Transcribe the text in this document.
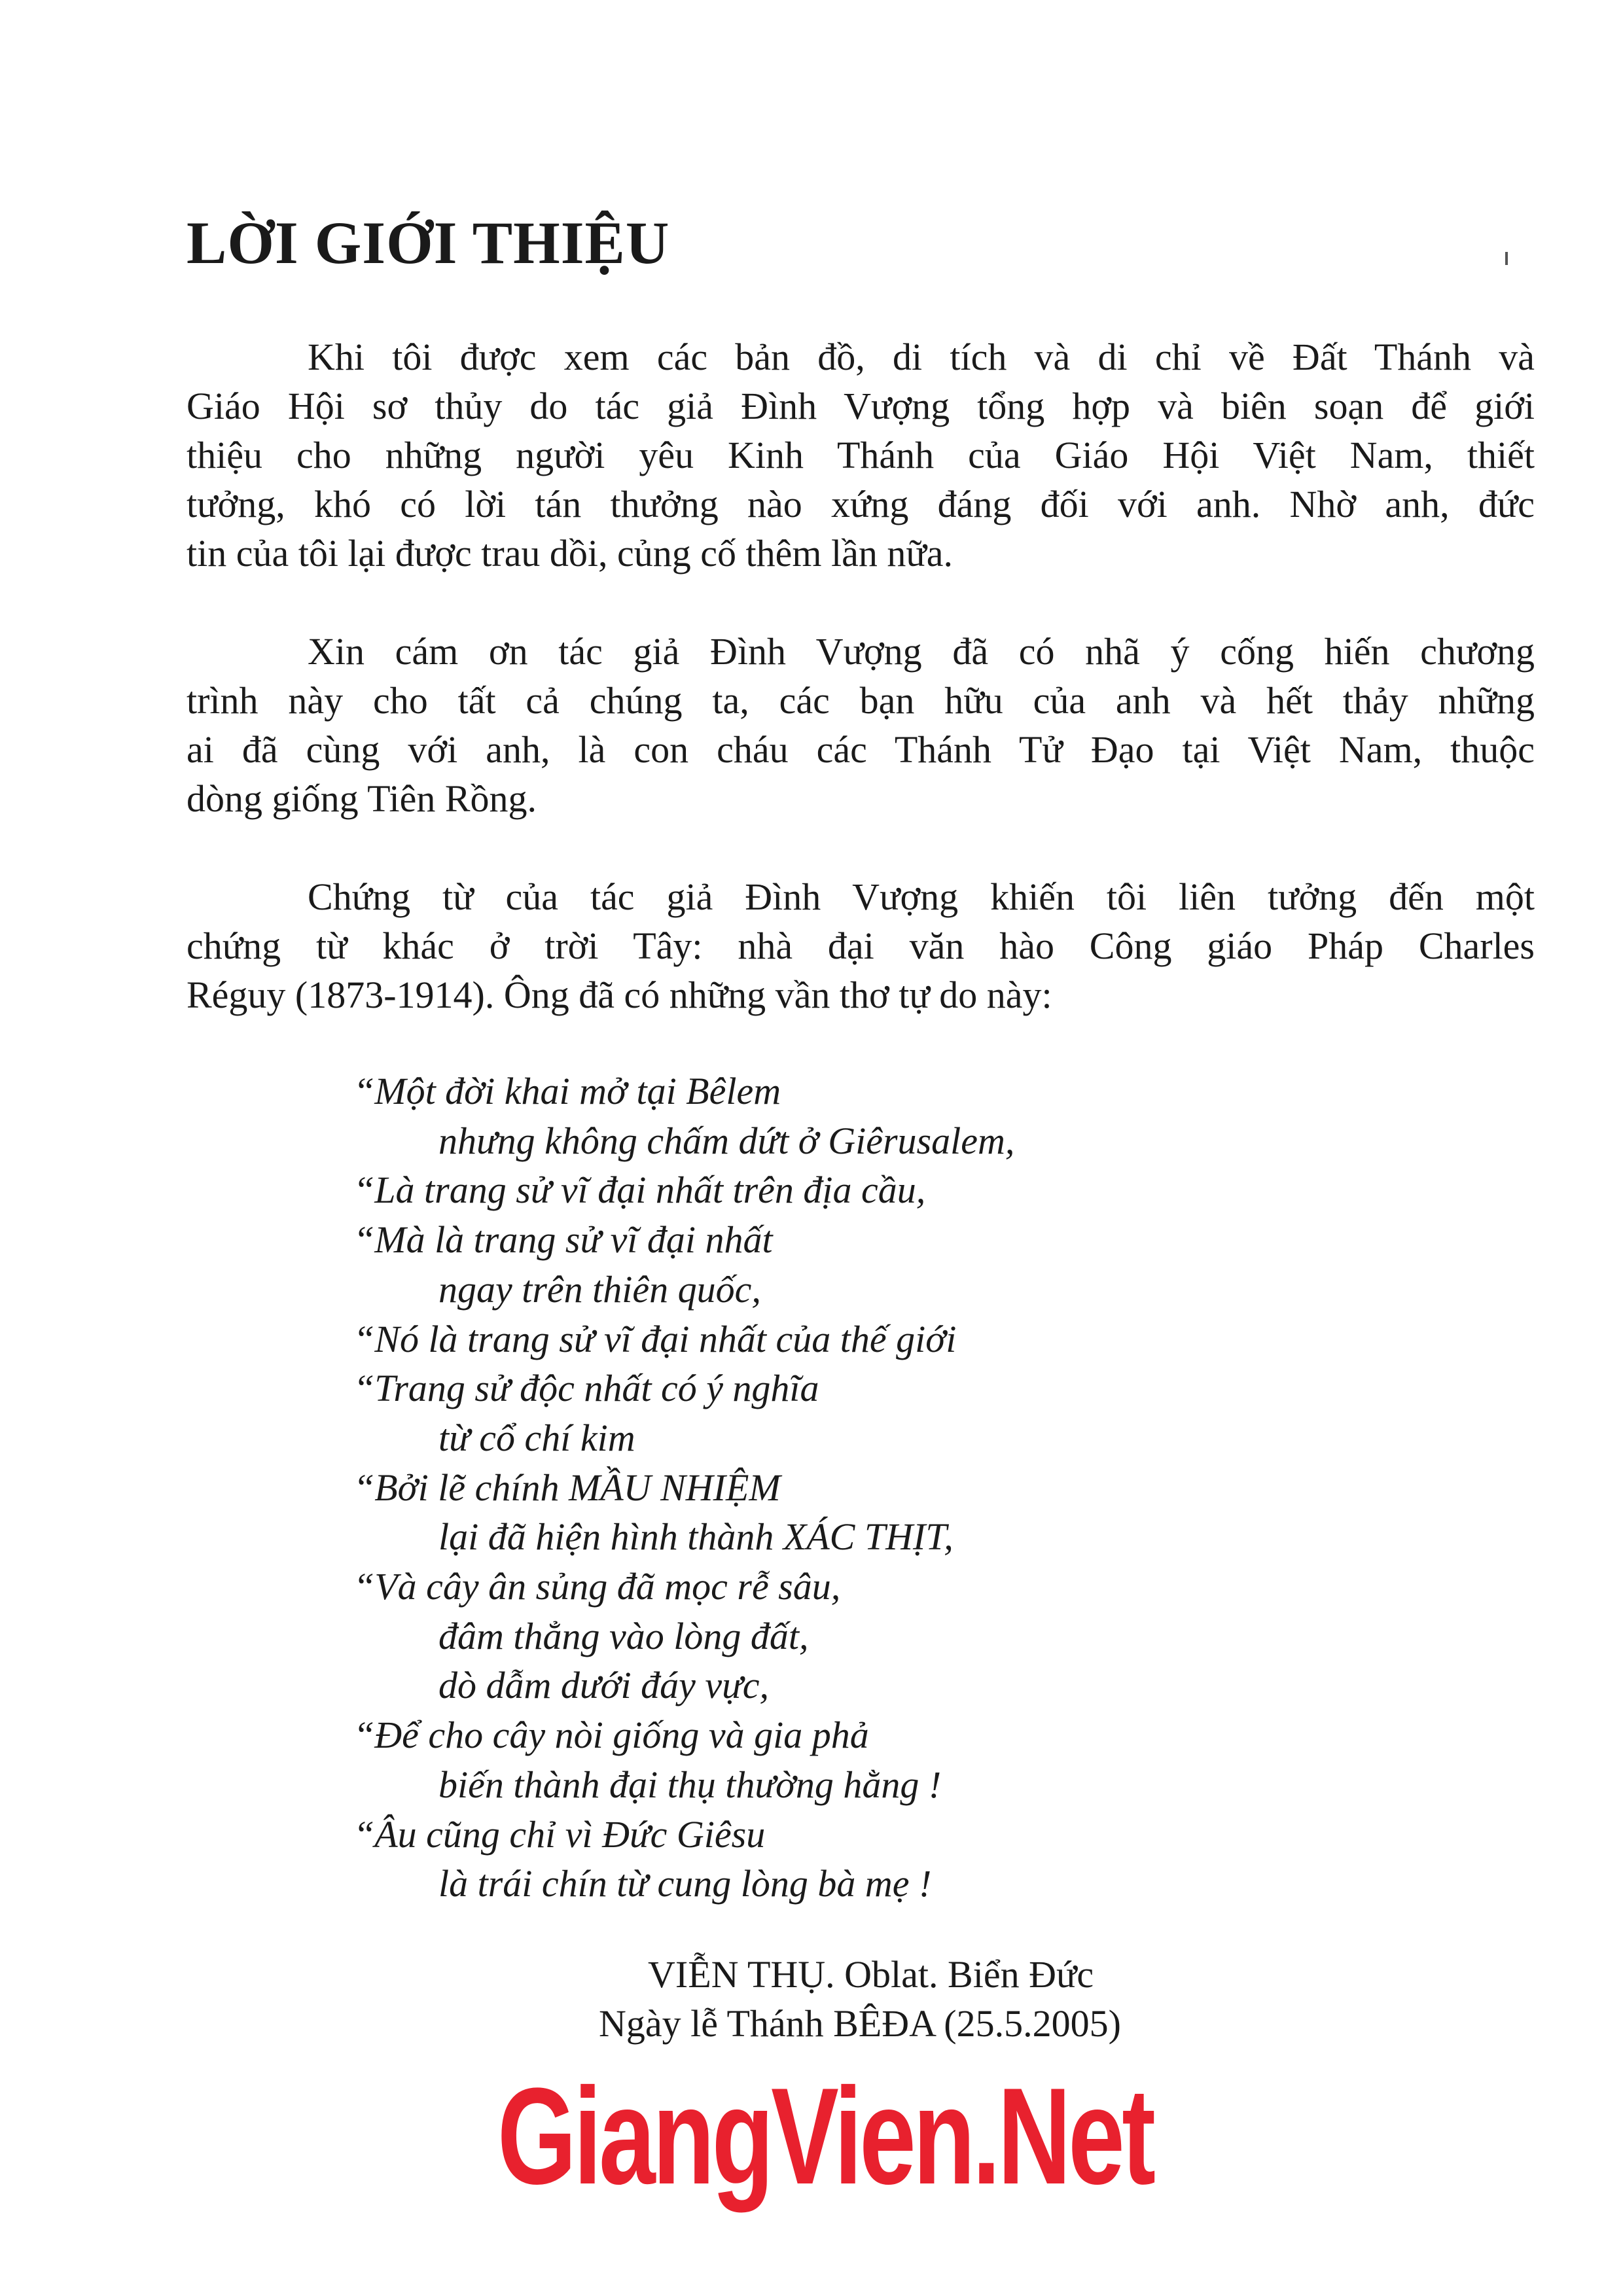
LỜI GIỚI THIỆU
Khi tôi được xem các bản đồ, di tích và di chỉ về Đất Thánh và
Giáo Hội sơ thủy do tác giả Đình Vượng tổng hợp và biên soạn để giới
thiệu cho những người yêu Kinh Thánh của Giáo Hội Việt Nam, thiết
tưởng, khó có lời tán thưởng nào xứng đáng đối với anh. Nhờ anh, đức
tin của tôi lại được trau dồi, củng cố thêm lần nữa.
Xin cám ơn tác giả Đình Vượng đã có nhã ý cống hiến chương
trình này cho tất cả chúng ta, các bạn hữu của anh và hết thảy những
ai đã cùng với anh, là con cháu các Thánh Tử Đạo tại Việt Nam, thuộc
dòng giống Tiên Rồng.
Chứng từ của tác giả Đình Vượng khiến tôi liên tưởng đến một
chứng từ khác ở trời Tây: nhà đại văn hào Công giáo Pháp Charles
Réguy (1873-1914). Ông đã có những vần thơ tự do này:
“Một đời khai mở tại Bêlem
nhưng không chấm dứt ở Giêrusalem,
“Là trang sử vĩ đại nhất trên địa cầu,
“Mà là trang sử vĩ đại nhất
ngay trên thiên quốc,
“Nó là trang sử vĩ đại nhất của thế giới
“Trang sử độc nhất có ý nghĩa
từ cổ chí kim
“Bởi lẽ chính MẦU NHIỆM
lại đã hiện hình thành XÁC THỊT,
“Và cây ân sủng đã mọc rễ sâu,
đâm thẳng vào lòng đất,
dò dẫm dưới đáy vực,
“Để cho cây nòi giống và gia phả
biến thành đại thụ thường hằng !
“Âu cũng chỉ vì Đức Giêsu
là trái chín từ cung lòng bà mẹ !
VIỄN THỤ. Oblat. Biển Đức
Ngày lễ Thánh BÊĐA (25.5.2005)
GiangVien.Net
